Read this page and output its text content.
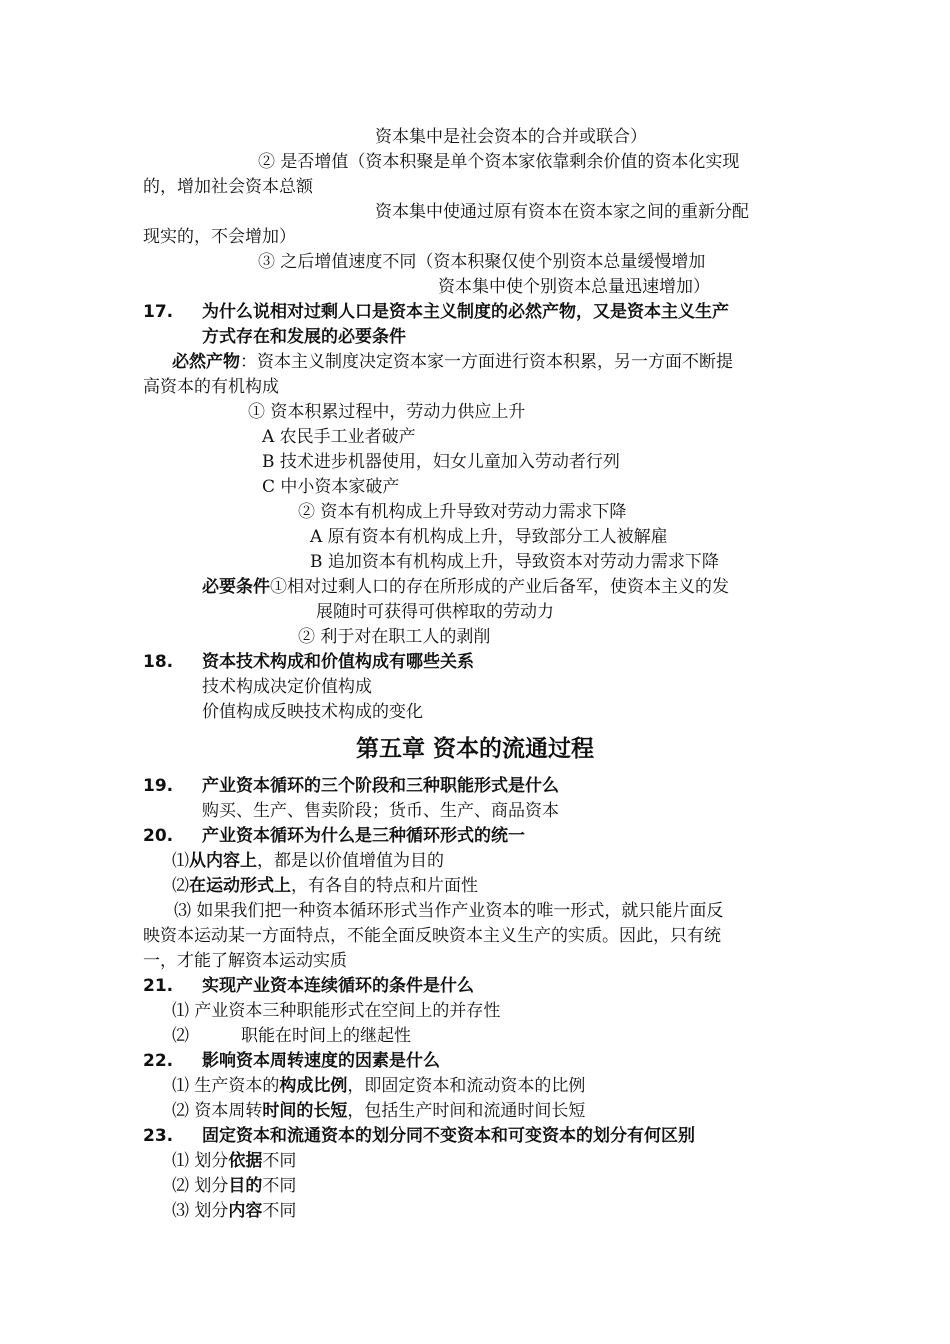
资本集中是社会资本的合并或联合）
② 是否增值（资本积聚是单个资本家依靠剩余价值的资本化实现
的，增加社会资本总额
资本集中使通过原有资本在资本家之间的重新分配
现实的，不会增加）
③ 之后增值速度不同（资本积聚仅使个别资本总量缓慢增加
资本集中使个别资本总量迅速增加）
17. 为什么说相对过剩人口是资本主义制度的必然产物，又是资本主义生产
方式存在和发展的必要条件
必然产物：资本主义制度决定资本家一方面进行资本积累，另一方面不断提
高资本的有机构成
① 资本积累过程中，劳动力供应上升
A 农民手工业者破产
B 技术进步机器使用，妇女儿童加入劳动者行列
C 中小资本家破产
② 资本有机构成上升导致对劳动力需求下降
A 原有资本有机构成上升，导致部分工人被解雇
B 追加资本有机构成上升，导致资本对劳动力需求下降
必要条件①相对过剩人口的存在所形成的产业后备军，使资本主义的发
展随时可获得可供榨取的劳动力
② 利于对在职工人的剥削
18. 资本技术构成和价值构成有哪些关系
技术构成决定价值构成
价值构成反映技术构成的变化
第五章 资本的流通过程
19. 产业资本循环的三个阶段和三种职能形式是什么
购买、生产、售卖阶段；货币、生产、商品资本
20. 产业资本循环为什么是三种循环形式的统一
⑴从内容上，都是以价值增值为目的
⑵在运动形式上，有各自的特点和片面性
⑶ 如果我们把一种资本循环形式当作产业资本的唯一形式，就只能片面反
映资本运动某一方面特点，不能全面反映资本主义生产的实质。因此，只有统
一，才能了解资本运动实质
21. 实现产业资本连续循环的条件是什么
⑴ 产业资本三种职能形式在空间上的并存性
⑵	职能在时间上的继起性
22. 影响资本周转速度的因素是什么
⑴ 生产资本的构成比例，即固定资本和流动资本的比例
⑵ 资本周转时间的长短，包括生产时间和流通时间长短
23. 固定资本和流通资本的划分同不变资本和可变资本的划分有何区别
⑴ 划分依据不同
⑵ 划分目的不同
⑶ 划分内容不同
